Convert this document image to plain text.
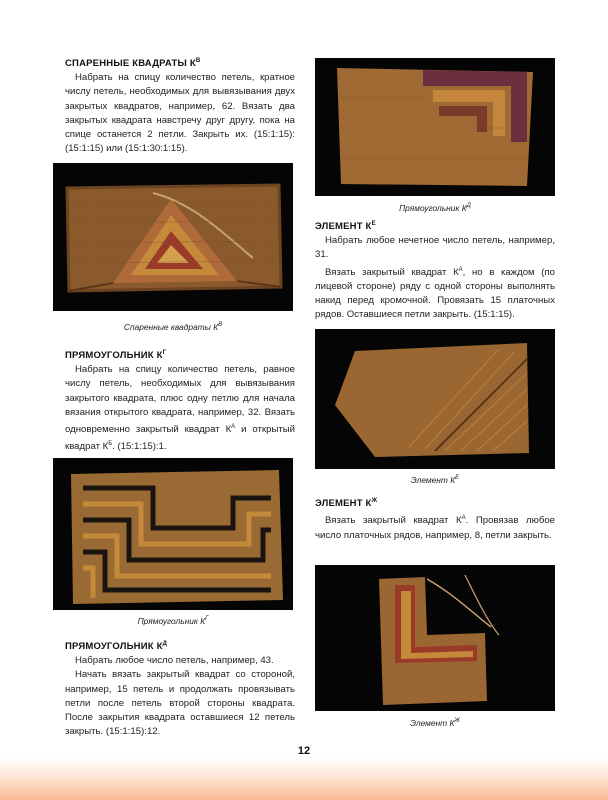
СПАРЕННЫЕ КВАДРАТЫ $К^В$

Набрать на спицу количество петель, кратное числу петель, необходимых для вывязывания двух закрытых квадратов, например, 62. Вязать два закрытых квадрата навстречу друг другу, пока на спице останется 2 петли. Закрыть их. (15:1:15):(15:1:15) или (15:1:30:1:15).

Спаренные квадраты $К^В$
ПРЯМОУГОЛЬНИК $К^Г$

Набрать на спицу количество петель, равное числу петель, необходимых для вывязывания закрытого квадрата, плюс одну петлю для начала вязания открытого квадрата, например, 32. Вязать одновременно закрытый квадрат $К^А$ и открытый квадрат $К^Б$. (15:1:15):1.

Прямоугольник $К^Г$
ПРЯМОУГОЛЬНИК $К^Д$

Набрать любое число петель, например, 43.

Начать вязать закрытый квадрат со стороной, например, 15 петель и продолжать провязывать петли после петель второй стороны квадрата. После закрытия квадрата оставшиеся 12 петель закрыть. (15:1:15):12.

Прямоугольник $К^Д$
ЭЛЕМЕНТ $К^Е$

Набрать любое нечетное число петель, например, 31.

Вязать закрытый квадрат $К^А$, но в каждом (по лицевой стороне) ряду с одной стороны выполнять накид перед кромочной. Провязать 15 платочных рядов. Оставшиеся петли закрыть. (15:1:15).

Элемент $К^Е$
ЭЛЕМЕНТ $К^Ж$

Вязать закрытый квадрат $К^А$. Провязав любое число платочных рядов, например, 8, петли закрыть.

Элемент $К^Ж$
12
